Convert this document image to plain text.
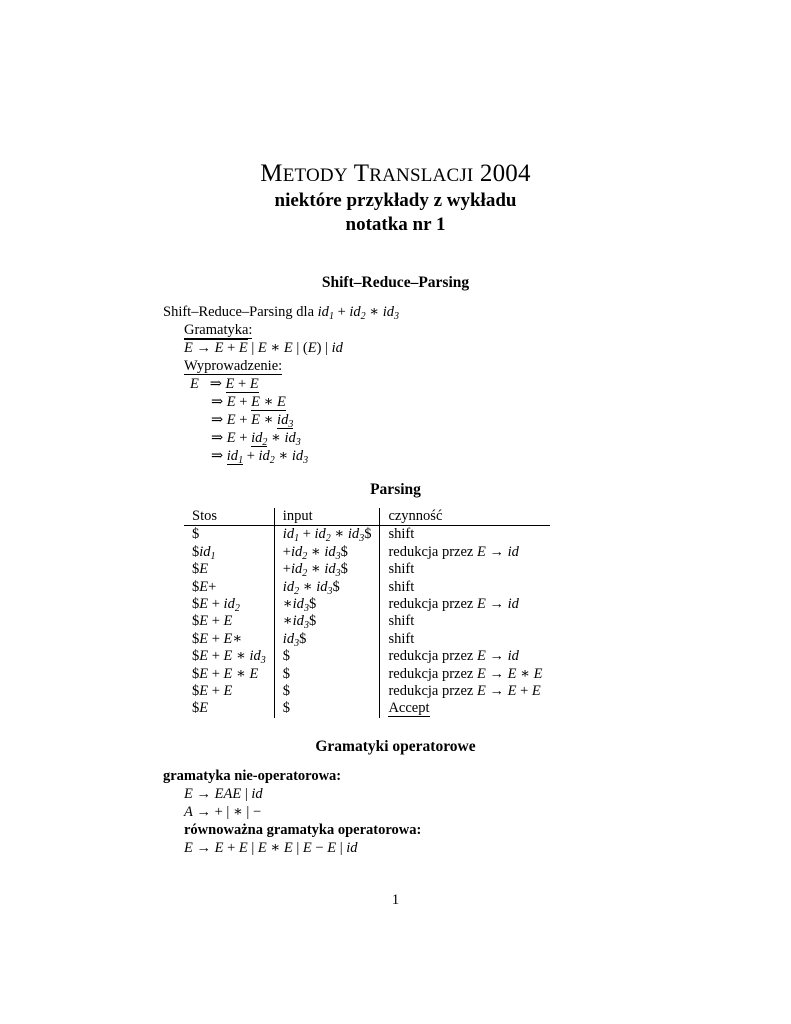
METODY TRANSLACJI 2004
niektóre przykłady z wykładu
notatka nr 1
Shift–Reduce–Parsing
Shift–Reduce–Parsing dla $id_1 + id_2$ ∗ $id_3$
Gramatyka:
E → E + E | E ∗ E | (E) | id
Wyprowadzenie:
E   ⇒ E + E
⇒ E + E ∗ E
⇒ E + E ∗ $id_3$
⇒ $E + id_2$ ∗ $id_3$
⇒ $id_1 + id_2$ ∗ $id_3$
Parsing
Stos	input	czynność
$	$id_1 + id_2$ ∗ $id_3\$$	shift
$\$id_1$	$+id_2$ ∗ $id_3\$$	redukcja przez E → id
$E	$+id_2$ ∗ $id_3\$$	shift
$E+	$id_2$ ∗ $id_3\$$	shift
$E + $id_2$	$∗id_3\$$	redukcja przez E → id
$E + E	$∗id_3\$$	shift
$E + E∗	$id_3\$$	shift
$E + E ∗ $id_3$	$	redukcja przez E → id
$E + E ∗ E	$	redukcja przez E → E ∗ E
$E + E	$	redukcja przez E → E + E
$E	$	Accept
Gramatyki operatorowe
gramatyka nie-operatorowa:
E → EAE | id
A → + | ∗ | −
równoważna gramatyka operatorowa:
E → E + E | E ∗ E | E − E | id
1
